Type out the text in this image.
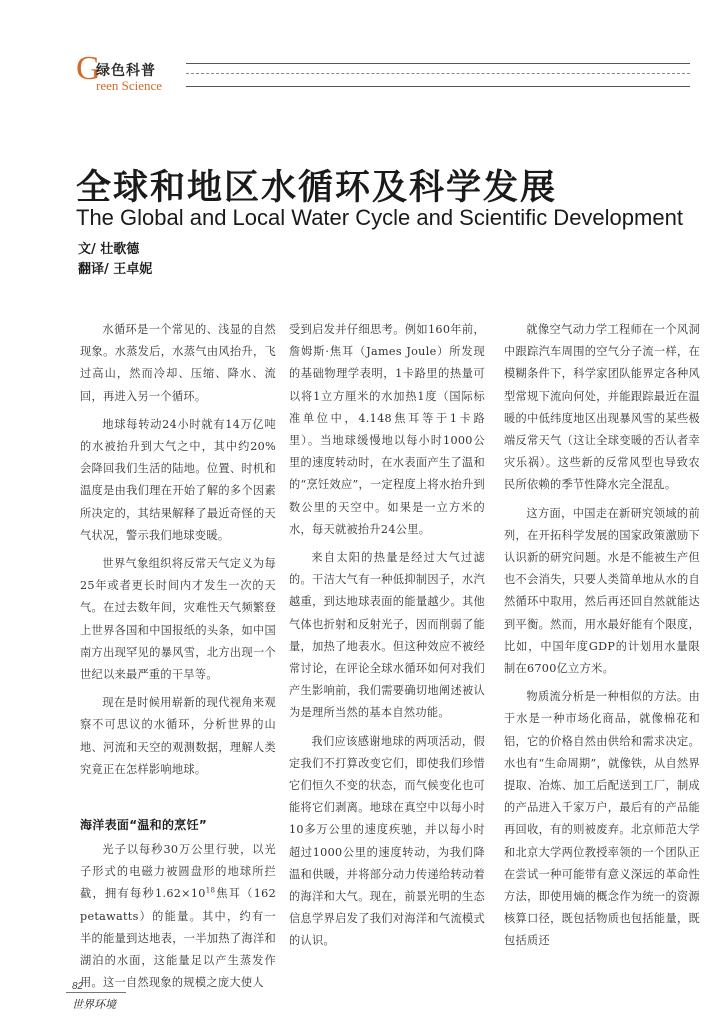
G
绿色科普
reen Science
全球和地区水循环及科学发展
The Global and Local Water Cycle and Scientific Development
文/ 壮歌德
翻译/ 王卓妮

水循环是一个常见的、浅显的自然现象。水蒸发后，水蒸气由风抬升，飞过高山，然而冷却、压缩、降水、流回，再进入另一个循环。

地球每转动24小时就有14万亿吨的水被抬升到大气之中，其中约20%会降回我们生活的陆地。位置、时机和温度是由我们理在开始了解的多个因素所决定的，其结果解释了最近奇怪的天气状况，警示我们地球变暖。

世界气象组织将反常天气定义为每25年或者更长时间内才发生一次的天气。在过去数年间，灾难性天气频繁登上世界各国和中国报纸的头条，如中国南方出现罕见的暴风雪，北方出现一个世纪以来最严重的干旱等。

现在是时候用崭新的现代视角来观察不可思议的水循环，分析世界的山地、河流和天空的观测数据，理解人类究竟正在怎样影响地球。

海洋表面“温和的烹饪”

光子以每秒30万公里行驶，以光子形式的电磁力被圆盘形的地球所拦截，拥有每秒$1.62\times 10^{18}$焦耳（162 petawatts）的能量。其中，约有一半的能量到达地表，一半加热了海洋和湖泊的水面，这能量足以产生蒸发作用。这一自然现象的规模之庞大使人

受到启发并仔细思考。例如160年前，詹姆斯·焦耳（James Joule）所发现的基础物理学表明，1卡路里的热量可以将1立方厘米的水加热1度（国际标准单位中，4.148焦耳等于1卡路里）。当地球缓慢地以每小时1000公里的速度转动时，在水表面产生了温和的“烹饪效应”，一定程度上将水抬升到数公里的天空中。如果是一立方米的水，每天就被抬升24公里。

来自太阳的热量是经过大气过滤的。干洁大气有一种低抑制因子，水汽越重，到达地球表面的能量越少。其他气体也折射和反射光子，因而削弱了能量，加热了地表水。但这种效应不被经常讨论，在评论全球水循环如何对我们产生影响前，我们需要确切地阐述被认为是理所当然的基本自然功能。

我们应该感谢地球的两项活动，假定我们不打算改变它们，即使我们珍惜它们恒久不变的状态，而气候变化也可能将它们剥离。地球在真空中以每小时10多万公里的速度疾驰，并以每小时超过1000公里的速度转动，为我们降温和供暖，并将部分动力传递给转动着的海洋和大气。现在，前景光明的生态信息学界启发了我们对海洋和气流模式的认识。

就像空气动力学工程师在一个风洞中跟踪汽车周围的空气分子流一样，在模糊条件下，科学家团队能界定各种风型常规下流向何处，并能跟踪最近在温暖的中低纬度地区出现暴风雪的某些极端反常天气（这让全球变暖的否认者幸灾乐祸）。这些新的反常风型也导致农民所依赖的季节性降水完全混乱。

这方面，中国走在新研究领域的前列，在开拓科学发展的国家政策激励下认识新的研究问题。水是不能被生产但也不会消失，只要人类简单地从水的自然循环中取用，然后再还回自然就能达到平衡。然而，用水最好能有个限度，比如，中国年度GDP的计划用水量限制在6700亿立方米。

物质流分析是一种相似的方法。由于水是一种市场化商品，就像棉花和铝，它的价格自然由供给和需求决定。水也有“生命周期”，就像铁，从自然界提取、冶炼、加工后配送到工厂，制成的产品进入千家万户，最后有的产品能再回收，有的则被废弃。北京师范大学和北京大学两位教授率领的一个团队正在尝试一种可能带有意义深远的革命性方法，即使用熵的概念作为统一的资源核算口径，既包括物质也包括能量，既包括质还

82
世界环境
